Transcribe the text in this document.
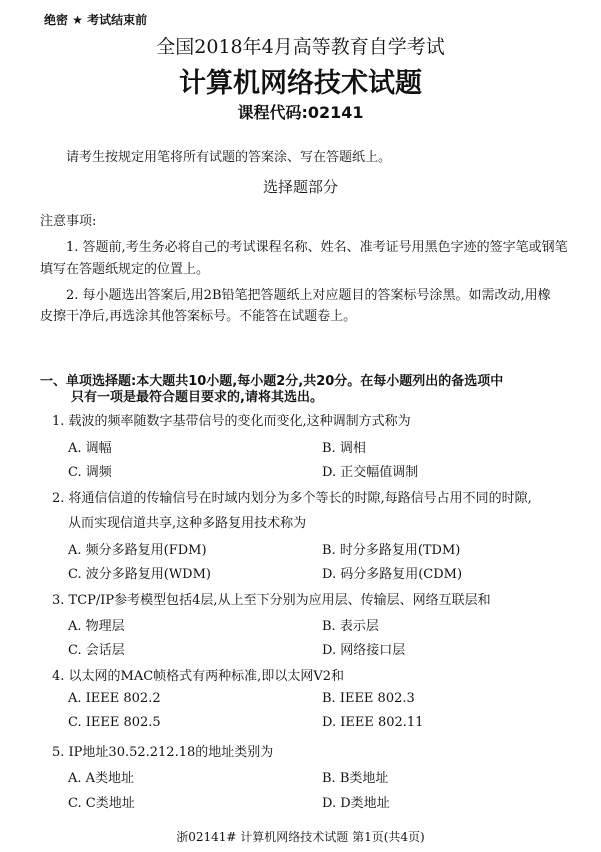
绝密 ★ 考试结束前
全国2018年4月高等教育自学考试
计算机网络技术试题
课程代码:02141
请考生按规定用笔将所有试题的答案涂、写在答题纸上。
选择题部分
注意事项:
1. 答题前,考生务必将自己的考试课程名称、姓名、准考证号用黑色字迹的签字笔或钢笔
填写在答题纸规定的位置上。
2. 每小题选出答案后,用2B铅笔把答题纸上对应题目的答案标号涂黑。如需改动,用橡
皮擦干净后,再选涂其他答案标号。不能答在试题卷上。
一、单项选择题:本大题共10小题,每小题2分,共20分。在每小题列出的备选项中
只有一项是最符合题目要求的,请将其选出。
1. 载波的频率随数字基带信号的变化而变化,这种调制方式称为
A. 调幅	B. 调相
C. 调频	D. 正交幅值调制
2. 将通信信道的传输信号在时域内划分为多个等长的时隙,每路信号占用不同的时隙,
从而实现信道共享,这种多路复用技术称为
A. 频分多路复用(FDM)	B. 时分多路复用(TDM)
C. 波分多路复用(WDM)	D. 码分多路复用(CDM)
3. TCP/IP参考模型包括4层,从上至下分别为应用层、传输层、网络互联层和
A. 物理层	B. 表示层
C. 会话层	D. 网络接口层
4. 以太网的MAC帧格式有两种标准,即以太网V2和
A. IEEE 802.2	B. IEEE 802.3
C. IEEE 802.5	D. IEEE 802.11
5. IP地址30.52.212.18的地址类别为
A. A类地址	B. B类地址
C. C类地址	D. D类地址
浙02141# 计算机网络技术试题 第1页(共4页)
